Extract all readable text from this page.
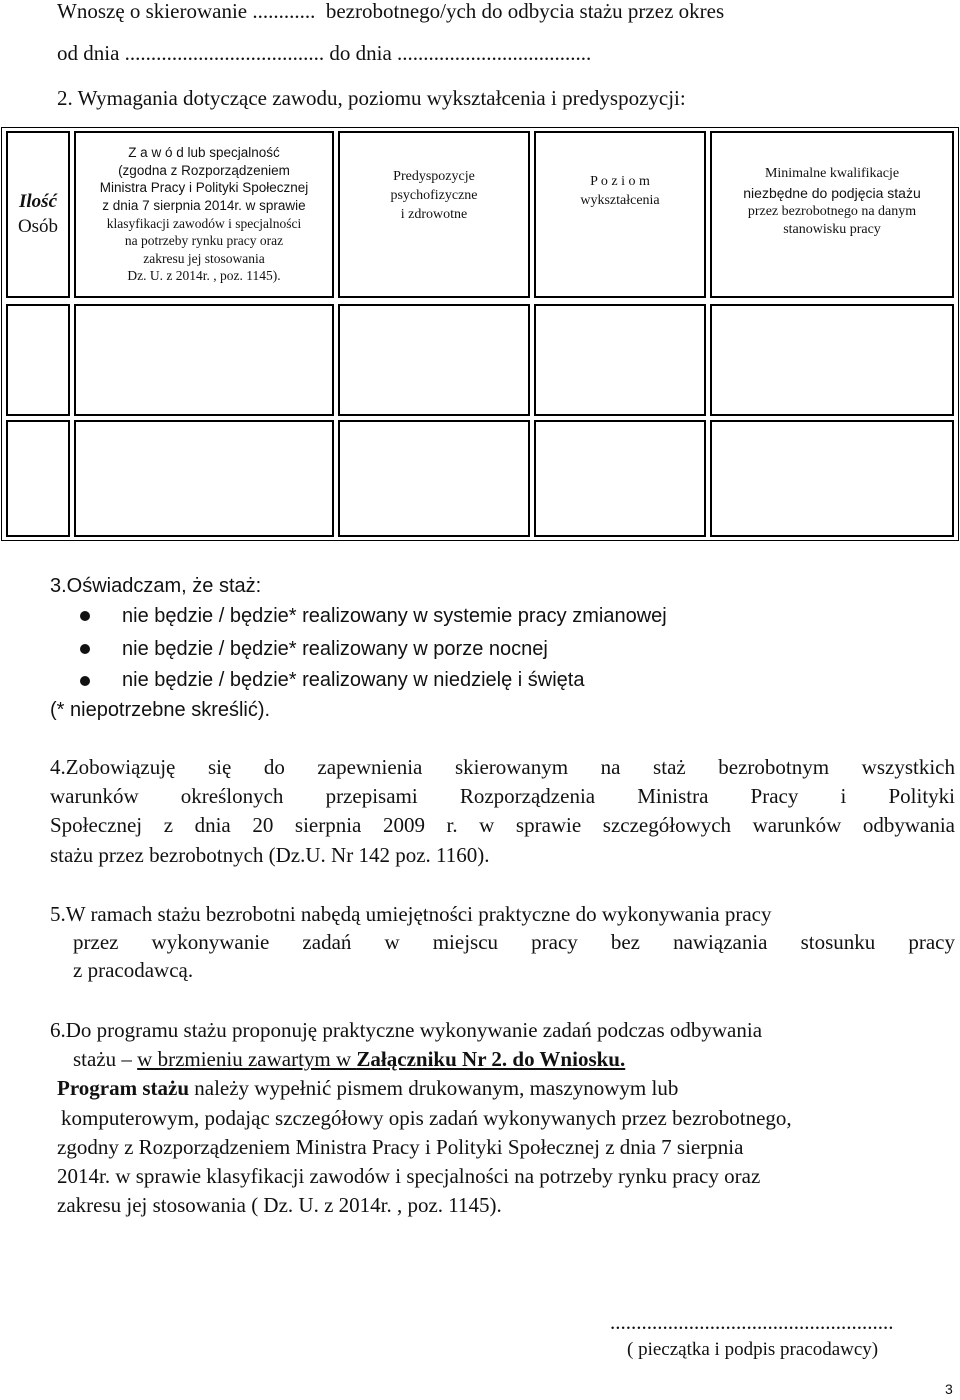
Wnoszę o skierowanie ............ bezrobotnego/ych do odbycia stażu przez okres
od dnia ...................................... do dnia .....................................
2. Wymagania dotyczące zawodu, poziomu wykształcenia i predyspozycji:
Ilość
Osób
Z a w ó d lub specjalność
(zgodna z Rozporządzeniem
Ministra Pracy i Polityki Społecznej
z dnia 7 sierpnia 2014r. w sprawie
klasyfikacji zawodów i specjalności
na potrzeby rynku pracy oraz
zakresu jej stosowania
Dz. U. z 2014r. , poz. 1145).
Predyspozycje
psychofizyczne
i zdrowotne
P o z i o m
wykształcenia
Minimalne kwalifikacje
niezbędne do podjęcia stażu
przez bezrobotnego na danym
stanowisku pracy
3.Oświadczam, że staż:
nie będzie / będzie* realizowany w systemie pracy zmianowej
nie będzie / będzie* realizowany w porze nocnej
nie będzie / będzie* realizowany w niedzielę i święta
(* niepotrzebne skreślić).
4.Zobowiązuję się do zapewnienia skierowanym na staż bezrobotnym wszystkich
warunków określonych przepisami Rozporządzenia Ministra Pracy i Polityki
Społecznej z dnia 20 sierpnia 2009 r. w sprawie szczegółowych warunków odbywania
stażu przez bezrobotnych (Dz.U. Nr 142 poz. 1160).
5.W ramach stażu bezrobotni nabędą umiejętności praktyczne do wykonywania pracy
przez wykonywanie zadań w miejscu pracy bez nawiązania stosunku pracy
z pracodawcą.
6.Do programu stażu proponuję praktyczne wykonywanie zadań podczas odbywania
stażu – w brzmieniu zawartym w Załączniku Nr 2. do Wniosku.
Program stażu należy wypełnić pismem drukowanym, maszynowym lub
komputerowym, podając szczegółowy opis zadań wykonywanych przez bezrobotnego,
zgodny z Rozporządzeniem Ministra Pracy i Polityki Społecznej z dnia 7 sierpnia
2014r. w sprawie klasyfikacji zawodów i specjalności na potrzeby rynku pracy oraz
zakresu jej stosowania ( Dz. U. z 2014r. , poz. 1145).
......................................................
( pieczątka i podpis pracodawcy)
3
